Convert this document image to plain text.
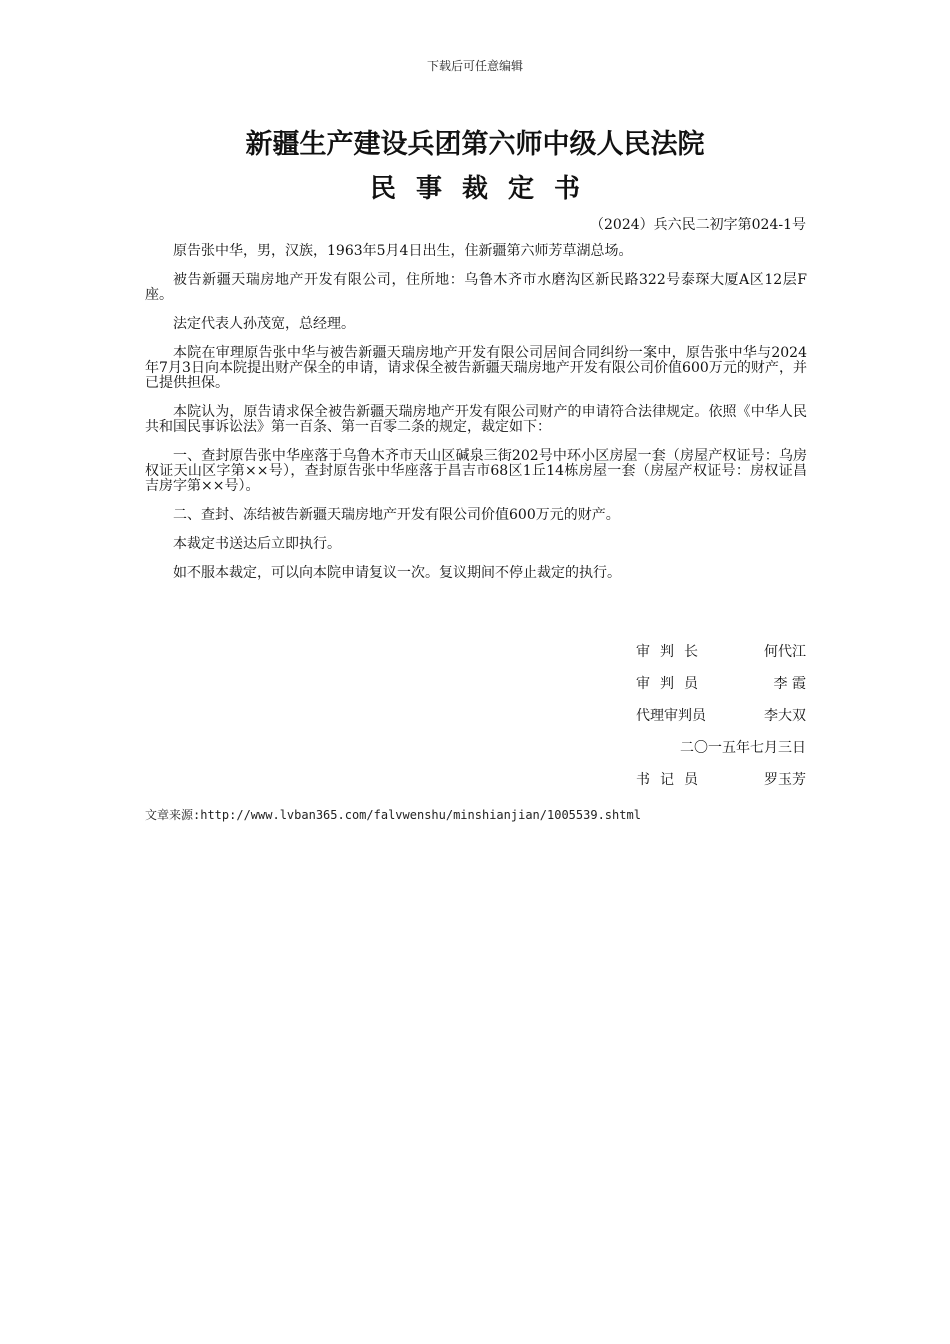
下载后可任意编辑
新疆生产建设兵团第六师中级人民法院
民事裁定书
（2024）兵六民二初字第024-1号

原告张中华，男，汉族，1963年5月4日出生，住新疆第六师芳草湖总场。

被告新疆天瑞房地产开发有限公司，住所地：乌鲁木齐市水磨沟区新民路322号泰琛大厦A区12层F座。

法定代表人孙茂宽，总经理。

本院在审理原告张中华与被告新疆天瑞房地产开发有限公司居间合同纠纷一案中，原告张中华与2024年7月3日向本院提出财产保全的申请，请求保全被告新疆天瑞房地产开发有限公司价值600万元的财产，并已提供担保。

本院认为，原告请求保全被告新疆天瑞房地产开发有限公司财产的申请符合法律规定。依照《中华人民共和国民事诉讼法》第一百条、第一百零二条的规定，裁定如下：

一、查封原告张中华座落于乌鲁木齐市天山区碱泉三街202号中环小区房屋一套（房屋产权证号：乌房权证天山区字第××号），查封原告张中华座落于昌吉市68区1丘14栋房屋一套（房屋产权证号：房权证昌吉房字第××号）。

二、查封、冻结被告新疆天瑞房地产开发有限公司价值600万元的财产。

本裁定书送达后立即执行。

如不服本裁定，可以向本院申请复议一次。复议期间不停止裁定的执行。

审判长	何代江
审判员	李 霞
代理审判员	李大双
二〇一五年七月三日
书记员	罗玉芳
文章来源:http://www.lvban365.com/falvwenshu/minshianjian/1005539.shtml
